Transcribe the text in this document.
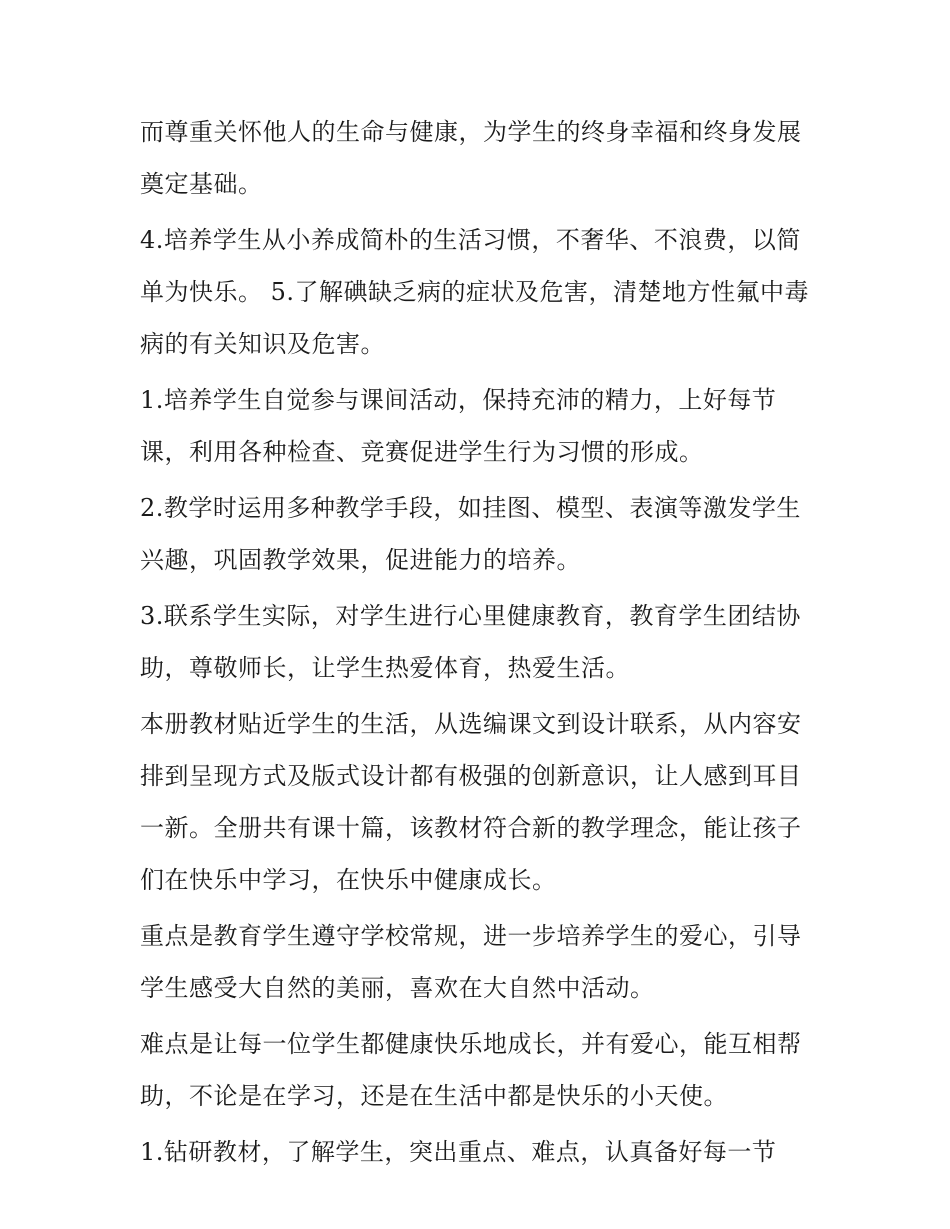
而尊重关怀他人的生命与健康，为学生的终身幸福和终身发展奠定基础。

4.培养学生从小养成简朴的生活习惯，不奢华、不浪费，以简单为快乐。 5.了解碘缺乏病的症状及危害，清楚地方性氟中毒病的有关知识及危害。

1.培养学生自觉参与课间活动，保持充沛的精力，上好每节课，利用各种检查、竞赛促进学生行为习惯的形成。

2.教学时运用多种教学手段，如挂图、模型、表演等激发学生兴趣，巩固教学效果，促进能力的培养。

3.联系学生实际，对学生进行心里健康教育，教育学生团结协助，尊敬师长，让学生热爱体育，热爱生活。

本册教材贴近学生的生活，从选编课文到设计联系，从内容安排到呈现方式及版式设计都有极强的创新意识，让人感到耳目一新。全册共有课十篇，该教材符合新的教学理念，能让孩子们在快乐中学习，在快乐中健康成长。

重点是教育学生遵守学校常规，进一步培养学生的爱心，引导学生感受大自然的美丽，喜欢在大自然中活动。

难点是让每一位学生都健康快乐地成长，并有爱心，能互相帮助，不论是在学习，还是在生活中都是快乐的小天使。

1.钻研教材，了解学生，突出重点、难点，认真备好每一节
